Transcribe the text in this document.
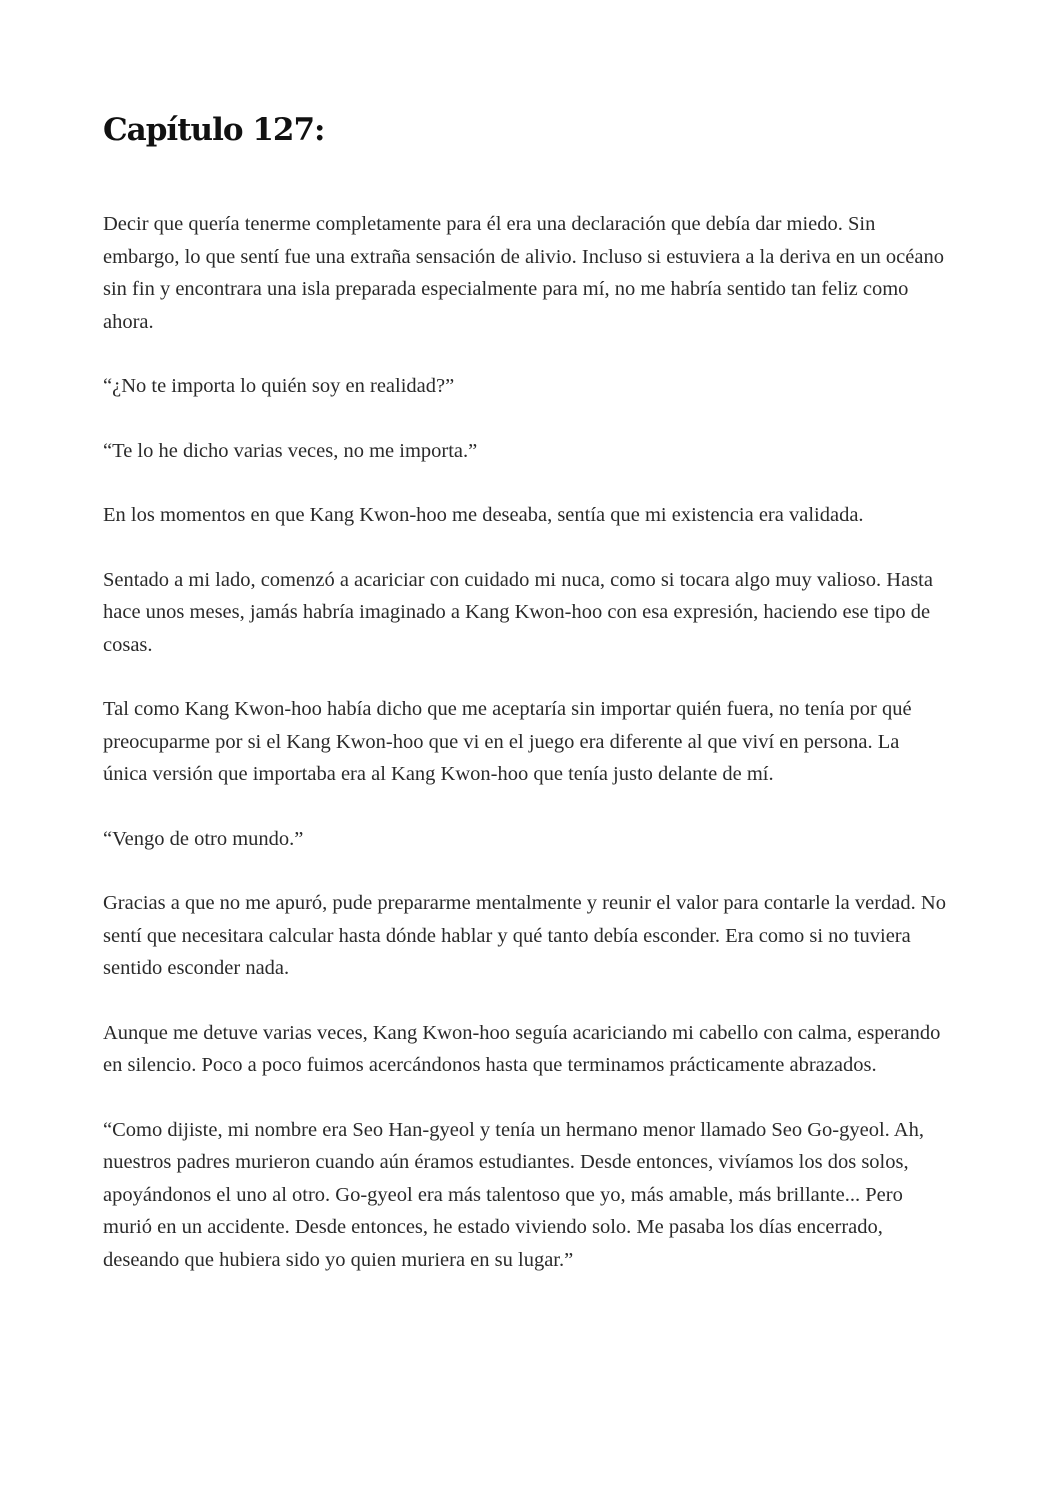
Capítulo 127:

Decir que quería tenerme completamente para él era una declaración que debía dar miedo. Sin embargo, lo que sentí fue una extraña sensación de alivio. Incluso si estuviera a la deriva en un océano sin fin y encontrara una isla preparada especialmente para mí, no me habría sentido tan feliz como ahora.

“¿No te importa lo quién soy en realidad?”

“Te lo he dicho varias veces, no me importa.”

En los momentos en que Kang Kwon-hoo me deseaba, sentía que mi existencia era validada.

Sentado a mi lado, comenzó a acariciar con cuidado mi nuca, como si tocara algo muy valioso. Hasta hace unos meses, jamás habría imaginado a Kang Kwon-hoo con esa expresión, haciendo ese tipo de cosas.

Tal como Kang Kwon-hoo había dicho que me aceptaría sin importar quién fuera, no tenía por qué preocuparme por si el Kang Kwon-hoo que vi en el juego era diferente al que viví en persona. La única versión que importaba era al Kang Kwon-hoo que tenía justo delante de mí.

“Vengo de otro mundo.”

Gracias a que no me apuró, pude prepararme mentalmente y reunir el valor para contarle la verdad. No sentí que necesitara calcular hasta dónde hablar y qué tanto debía esconder. Era como si no tuviera sentido esconder nada.

Aunque me detuve varias veces, Kang Kwon-hoo seguía acariciando mi cabello con calma, esperando en silencio. Poco a poco fuimos acercándonos hasta que terminamos prácticamente abrazados.

“Como dijiste, mi nombre era Seo Han-gyeol y tenía un hermano menor llamado Seo Go-gyeol. Ah, nuestros padres murieron cuando aún éramos estudiantes. Desde entonces, vivíamos los dos solos, apoyándonos el uno al otro. Go-gyeol era más talentoso que yo, más amable, más brillante... Pero murió en un accidente. Desde entonces, he estado viviendo solo. Me pasaba los días encerrado, deseando que hubiera sido yo quien muriera en su lugar.”
